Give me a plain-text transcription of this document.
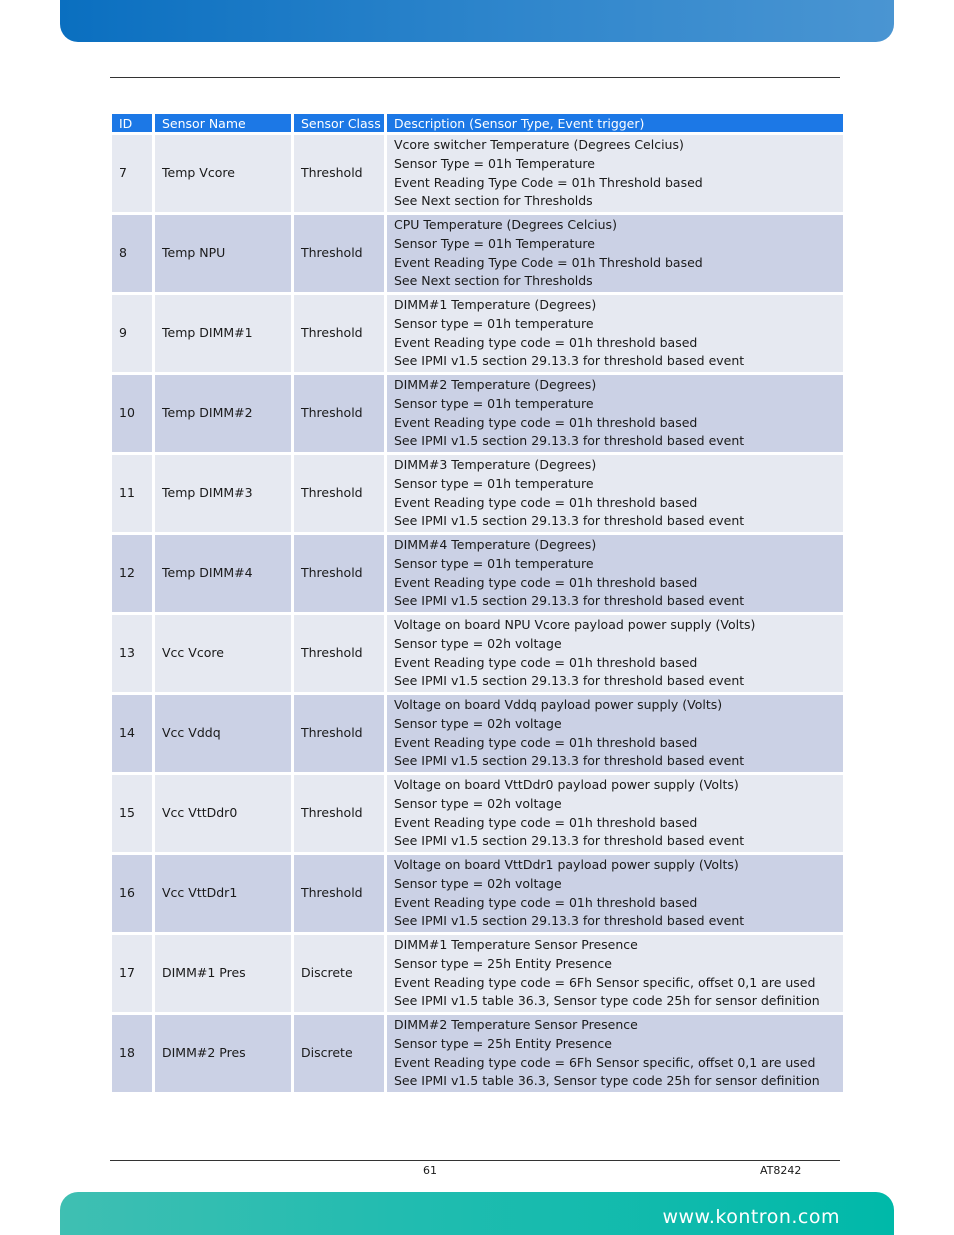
ID	Sensor Name	Sensor Class	Description (Sensor Type, Event trigger)
7	Temp Vcore	Threshold	Vcore switcher Temperature (Degrees Celcius)
Sensor Type = 01h Temperature
Event Reading Type Code = 01h Threshold based
See Next section for Thresholds

8	Temp NPU	Threshold	CPU Temperature (Degrees Celcius)
Sensor Type = 01h Temperature
Event Reading Type Code = 01h Threshold based
See Next section for Thresholds

9	Temp DIMM#1	Threshold	DIMM#1 Temperature (Degrees)
Sensor type = 01h temperature
Event Reading type code = 01h threshold based
See IPMI v1.5 section 29.13.3 for threshold based event

10	Temp DIMM#2	Threshold	DIMM#2 Temperature (Degrees)
Sensor type = 01h temperature
Event Reading type code = 01h threshold based
See IPMI v1.5 section 29.13.3 for threshold based event

11	Temp DIMM#3	Threshold	DIMM#3 Temperature (Degrees)
Sensor type = 01h temperature
Event Reading type code = 01h threshold based
See IPMI v1.5 section 29.13.3 for threshold based event

12	Temp DIMM#4	Threshold	DIMM#4 Temperature (Degrees)
Sensor type = 01h temperature
Event Reading type code = 01h threshold based
See IPMI v1.5 section 29.13.3 for threshold based event

13	Vcc Vcore	Threshold	Voltage on board NPU Vcore payload power supply (Volts)
Sensor type = 02h voltage
Event Reading type code = 01h threshold based
See IPMI v1.5 section 29.13.3 for threshold based event

14	Vcc Vddq	Threshold	Voltage on board Vddq payload power supply (Volts)
Sensor type = 02h voltage
Event Reading type code = 01h threshold based
See IPMI v1.5 section 29.13.3 for threshold based event

15	Vcc VttDdr0	Threshold	Voltage on board VttDdr0 payload power supply (Volts)
Sensor type = 02h voltage
Event Reading type code = 01h threshold based
See IPMI v1.5 section 29.13.3 for threshold based event

16	Vcc VttDdr1	Threshold	Voltage on board VttDdr1 payload power supply (Volts)
Sensor type = 02h voltage
Event Reading type code = 01h threshold based
See IPMI v1.5 section 29.13.3 for threshold based event

17	DIMM#1 Pres	Discrete	DIMM#1 Temperature Sensor Presence
Sensor type = 25h Entity Presence
Event Reading type code = 6Fh Sensor specific, offset 0,1 are used
See IPMI v1.5 table 36.3, Sensor type code 25h for sensor definition

18	DIMM#2 Pres	Discrete	DIMM#2 Temperature Sensor Presence
Sensor type = 25h Entity Presence
Event Reading type code = 6Fh Sensor specific, offset 0,1 are used
See IPMI v1.5 table 36.3, Sensor type code 25h for sensor definition
61	AT8242
www.kontron.com
